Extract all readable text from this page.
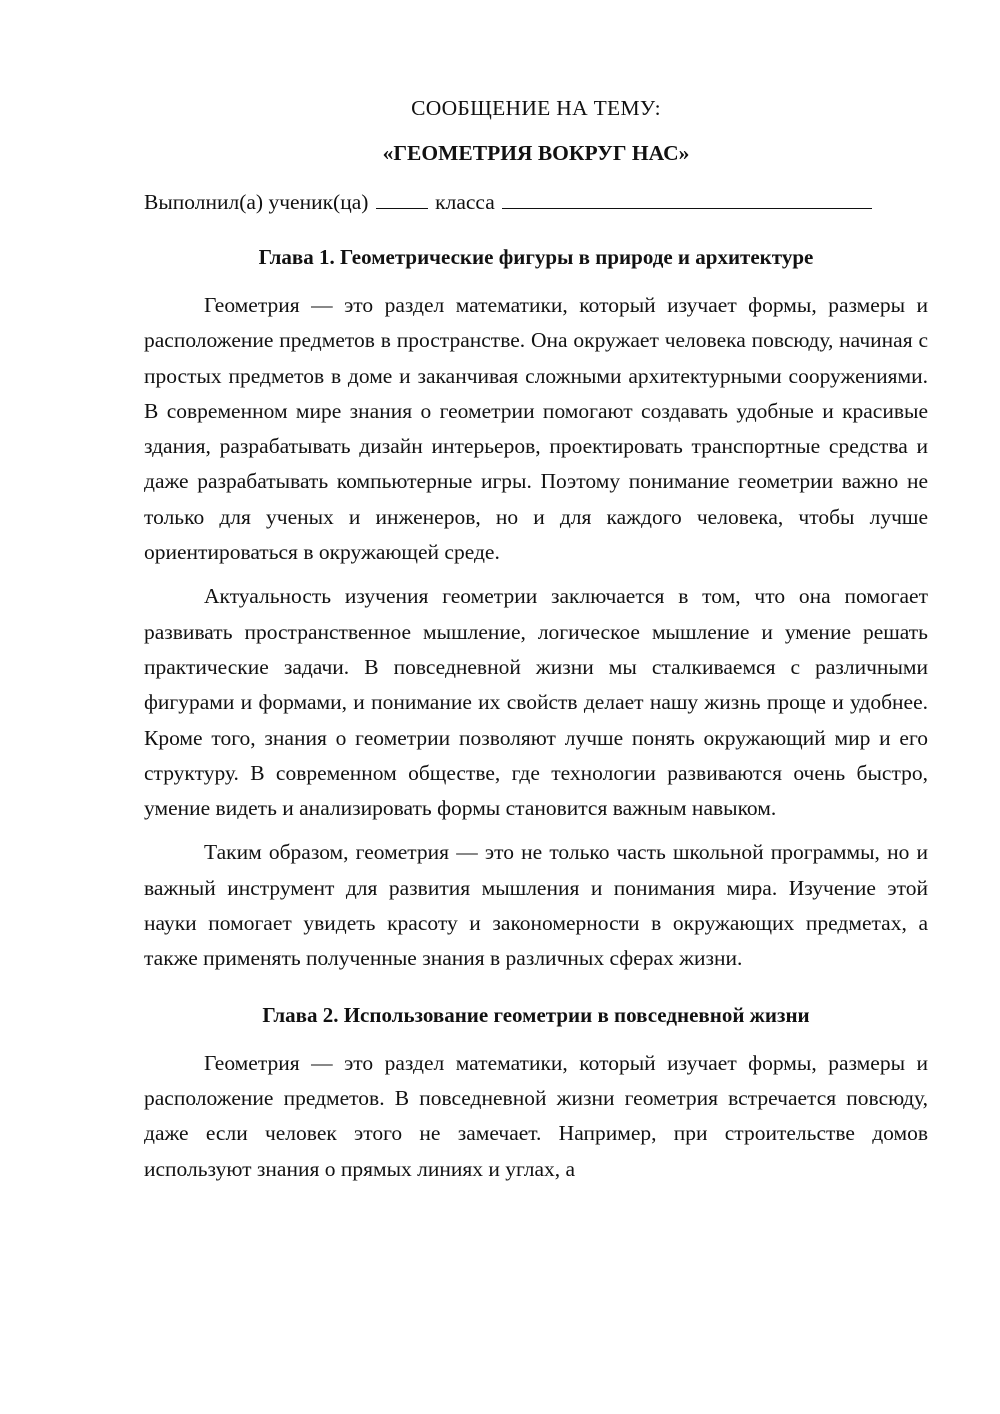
СООБЩЕНИЕ НА ТЕМУ:

«ГЕОМЕТРИЯ ВОКРУГ НАС»

Выполнил(а) ученик(ца)	класса

Глава 1. Геометрические фигуры в природе и архитектуре

Геометрия — это раздел математики, который изучает формы, размеры и расположение предметов в пространстве. Она окружает человека повсюду, начиная с простых предметов в доме и заканчивая сложными архитектурными сооружениями. В современном мире знания о геометрии помогают создавать удобные и красивые здания, разрабатывать дизайн интерьеров, проектировать транспортные средства и даже разрабатывать компьютерные игры. Поэтому понимание геометрии важно не только для ученых и инженеров, но и для каждого человека, чтобы лучше ориентироваться в окружающей среде.

Актуальность изучения геометрии заключается в том, что она помогает развивать пространственное мышление, логическое мышление и умение решать практические задачи. В повседневной жизни мы сталкиваемся с различными фигурами и формами, и понимание их свойств делает нашу жизнь проще и удобнее. Кроме того, знания о геометрии позволяют лучше понять окружающий мир и его структуру. В современном обществе, где технологии развиваются очень быстро, умение видеть и анализировать формы становится важным навыком.

Таким образом, геометрия — это не только часть школьной программы, но и важный инструмент для развития мышления и понимания мира. Изучение этой науки помогает увидеть красоту и закономерности в окружающих предметах, а также применять полученные знания в различных сферах жизни.

Глава 2. Использование геометрии в повседневной жизни

Геометрия — это раздел математики, который изучает формы, размеры и расположение предметов. В повседневной жизни геометрия встречается повсюду, даже если человек этого не замечает. Например, при строительстве домов используют знания о прямых линиях и углах, а
